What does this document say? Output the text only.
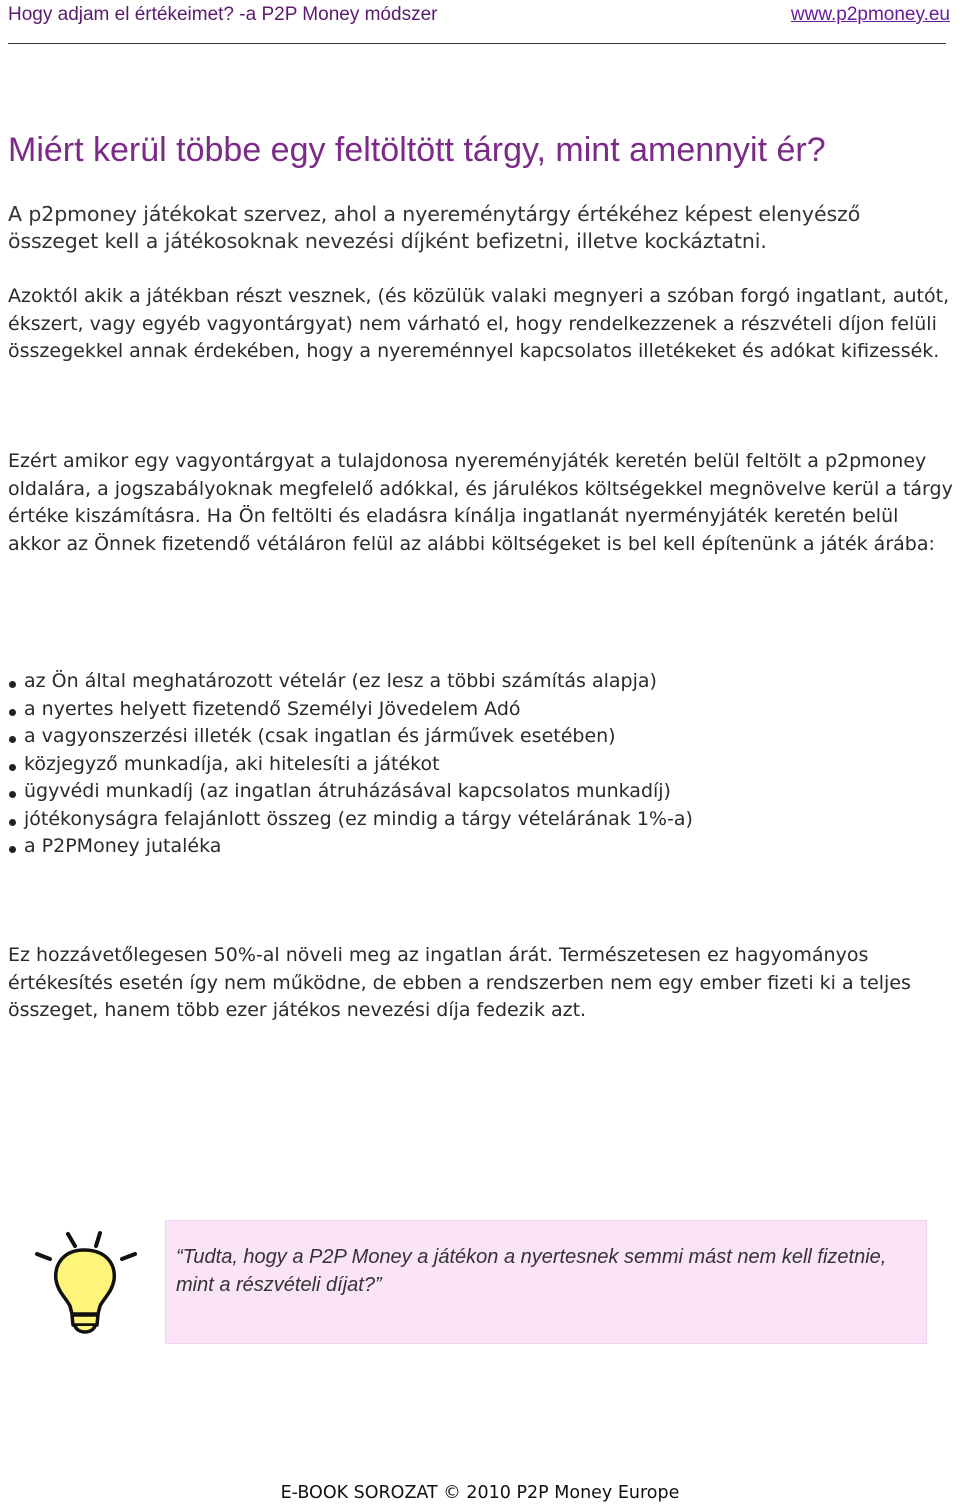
Hogy adjam el értékeimet? -a P2P Money módszer	www.p2pmoney.eu
Miért kerül többe egy feltöltött tárgy, mint amennyit ér?

A p2pmoney játékokat szervez, ahol a nyereménytárgy értékéhez képest elenyésző összeget kell a játékosoknak nevezési díjként befizetni, illetve kockáztatni.

Azoktól akik a játékban részt vesznek, (és közülük valaki megnyeri a szóban forgó ingatlant, autót, ékszert, vagy egyéb vagyontárgyat) nem várható el, hogy rendelkezzenek a részvételi díjon felüli összegekkel annak érdekében, hogy a nyereménnyel kapcsolatos illetékeket és adókat kifizessék.

Ezért amikor egy vagyontárgyat a tulajdonosa nyereményjáték keretén belül feltölt a p2pmoney oldalára, a jogszabályoknak megfelelő adókkal, és járulékos költségekkel megnövelve kerül a tárgy értéke kiszámításra. Ha Ön feltölti és eladásra kínálja ingatlanát nyerményjáték keretén belül akkor az Önnek fizetendő vétáláron felül az alábbi költségeket is bel kell építenünk a játék árába:

az Ön által meghatározott vételár (ez lesz a többi számítás alapja)
a nyertes helyett fizetendő Személyi Jövedelem Adó
a vagyonszerzési illeték (csak ingatlan és járművek esetében)
közjegyző munkadíja, aki hitelesíti a játékot
ügyvédi munkadíj (az ingatlan átruházásával kapcsolatos munkadíj)
jótékonyságra felajánlott összeg (ez mindig a tárgy vételárának 1%-a)
a P2PMoney jutaléka

Ez hozzávetőlegesen 50%-al növeli meg az ingatlan árát. Természetesen ez hagyományos értékesítés esetén így nem működne, de ebben a rendszerben nem egy ember fizeti ki a teljes összeget, hanem több ezer játékos nevezési díja fedezik azt.

“Tudta, hogy a P2P Money a játékon a nyertesnek semmi mást nem kell fizetnie, mint a részvételi díjat?”

E-BOOK SOROZAT © 2010 P2P Money Europe
